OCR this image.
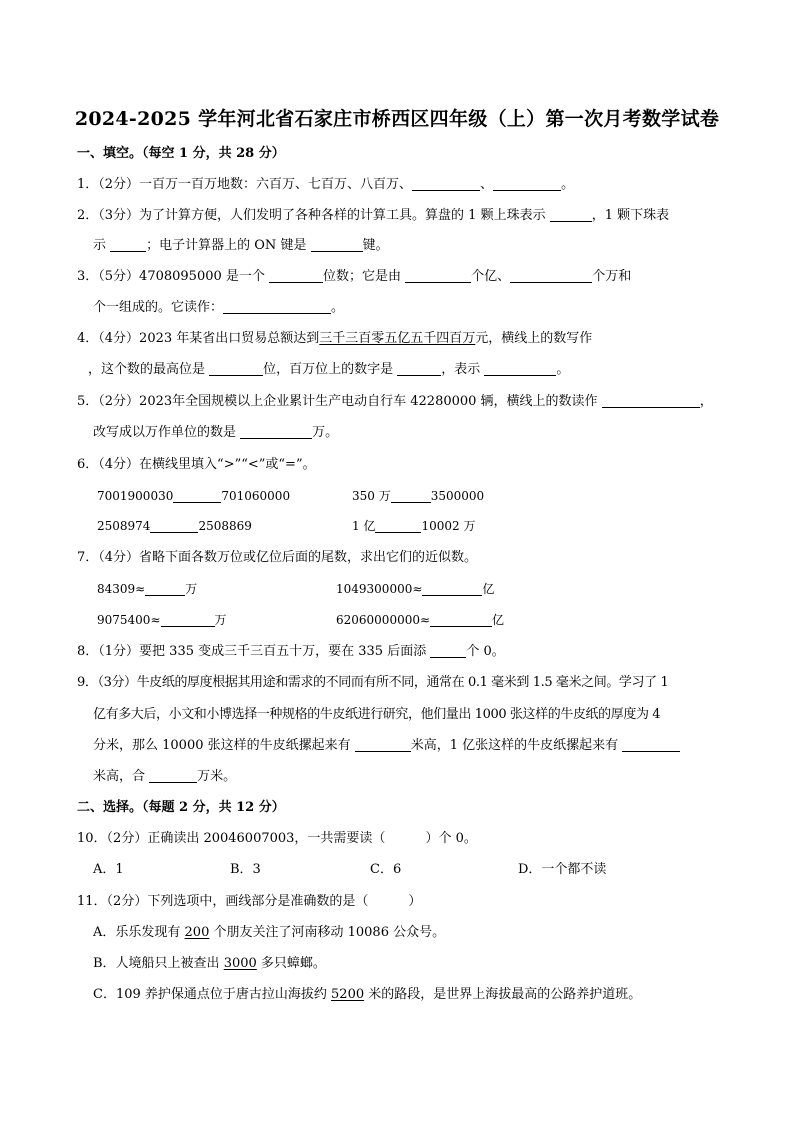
2024-2025 学年河北省石家庄市桥西区四年级（上）第一次月考数学试卷
一、填空。（每空 1 分，共 28 分）
1．（2分）一百万一百万地数：六百万、七百万、八百万、	、	。
2．（3分）为了计算方便，人们发明了各种各样的计算工具。算盘的 1 颗上珠表示	，1 颗下珠表
示	；电子计算器上的 ON 键是	键。
3．（5分）4708095000 是一个	位数；它是由	个亿、	个万和
个一组成的。它读作：	。
4．（4分）2023 年某省出口贸易总额达到三千三百零五亿五千四百万元，横线上的数写作
，这个数的最高位是	位，百万位上的数字是	，表示	。
5．（2分）2023年全国规模以上企业累计生产电动自行车 42280000 辆，横线上的数读作	，
改写成以万作单位的数是	万。
6．（4分）在横线里填入“>”“<”或“=”。
7001900030	701060000	350 万	3500000
2508974	2508869	1 亿	10002 万
7．（4分）省略下面各数万位或亿位后面的尾数，求出它们的近似数。
84309≈	万	1049300000≈	亿
9075400≈	万	62060000000≈	亿
8．（1分）要把 335 变成三千三百五十万，要在 335 后面添	个 0。
9．（3分）牛皮纸的厚度根据其用途和需求的不同而有所不同，通常在 0.1 毫米到 1.5 毫米之间。学习了 1
亿有多大后，小文和小博选择一种规格的牛皮纸进行研究，他们量出 1000 张这样的牛皮纸的厚度为 4
分米，那么 10000 张这样的牛皮纸摞起来有	米高，1 亿张这样的牛皮纸摞起来有
米高，合	万米。
二、选择。（每题 2 分，共 12 分）
10．（2分）正确读出 20046007003，一共需要读（	）个 0。
A．1	B．3	C．6	D．一个都不读
11．（2分）下列选项中，画线部分是准确数的是（	）
A．乐乐发现有 200 个朋友关注了河南移动 10086 公众号。
B．人境船只上被查出 3000 多只蟑螂。
C．109 养护保通点位于唐古拉山海拔约 5200 米的路段，是世界上海拔最高的公路养护道班。
